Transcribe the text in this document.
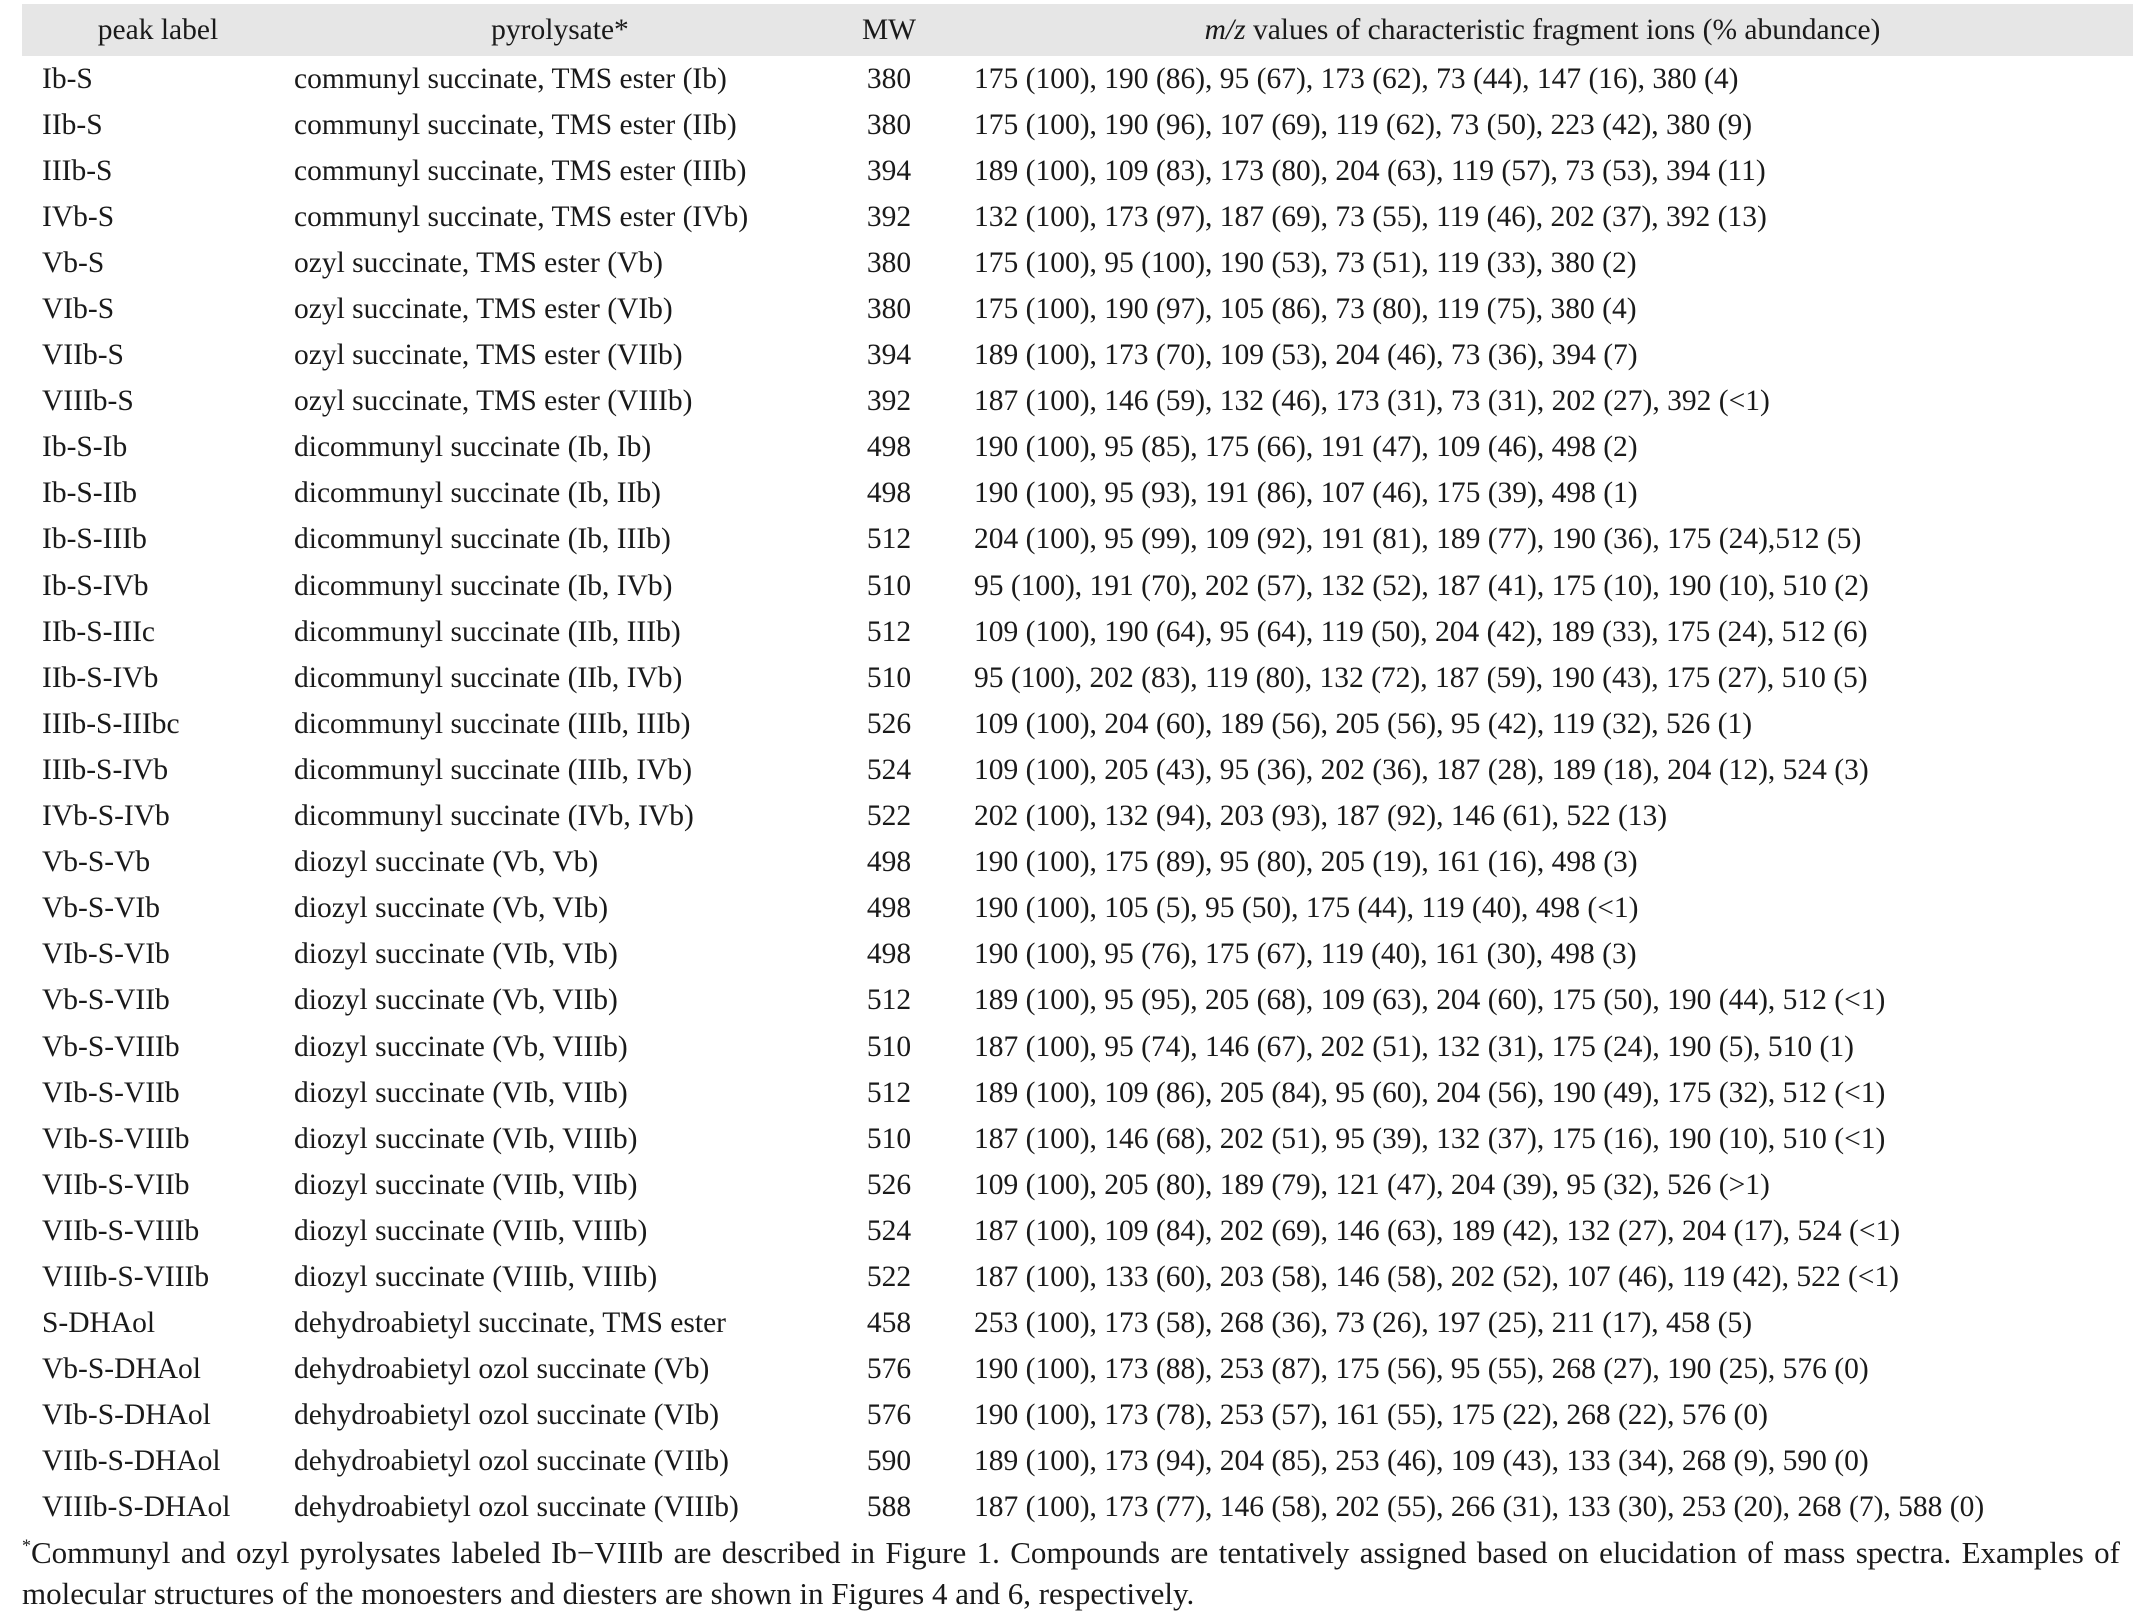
peak label	pyrolysate*	MW	m/z values of characteristic fragment ions (% abundance)
Ib-S	communyl succinate, TMS ester (Ib)	380	175 (100), 190 (86), 95 (67), 173 (62), 73 (44), 147 (16), 380 (4)
IIb-S	communyl succinate, TMS ester (IIb)	380	175 (100), 190 (96), 107 (69), 119 (62), 73 (50), 223 (42), 380 (9)
IIIb-S	communyl succinate, TMS ester (IIIb)	394	189 (100), 109 (83), 173 (80), 204 (63), 119 (57), 73 (53), 394 (11)
IVb-S	communyl succinate, TMS ester (IVb)	392	132 (100), 173 (97), 187 (69), 73 (55), 119 (46), 202 (37), 392 (13)
Vb-S	ozyl succinate, TMS ester (Vb)	380	175 (100), 95 (100), 190 (53), 73 (51), 119 (33), 380 (2)
VIb-S	ozyl succinate, TMS ester (VIb)	380	175 (100), 190 (97), 105 (86), 73 (80), 119 (75), 380 (4)
VIIb-S	ozyl succinate, TMS ester (VIIb)	394	189 (100), 173 (70), 109 (53), 204 (46), 73 (36), 394 (7)
VIIIb-S	ozyl succinate, TMS ester (VIIIb)	392	187 (100), 146 (59), 132 (46), 173 (31), 73 (31), 202 (27), 392 (<1)
Ib-S-Ib	dicommunyl succinate (Ib, Ib)	498	190 (100), 95 (85), 175 (66), 191 (47), 109 (46), 498 (2)
Ib-S-IIb	dicommunyl succinate (Ib, IIb)	498	190 (100), 95 (93), 191 (86), 107 (46), 175 (39), 498 (1)
Ib-S-IIIb	dicommunyl succinate (Ib, IIIb)	512	204 (100), 95 (99), 109 (92), 191 (81), 189 (77), 190 (36), 175 (24),512 (5)
Ib-S-IVb	dicommunyl succinate (Ib, IVb)	510	95 (100), 191 (70), 202 (57), 132 (52), 187 (41), 175 (10), 190 (10), 510 (2)
IIb-S-IIIc	dicommunyl succinate (IIb, IIIb)	512	109 (100), 190 (64), 95 (64), 119 (50), 204 (42), 189 (33), 175 (24), 512 (6)
IIb-S-IVb	dicommunyl succinate (IIb, IVb)	510	95 (100), 202 (83), 119 (80), 132 (72), 187 (59), 190 (43), 175 (27), 510 (5)
IIIb-S-IIIbc	dicommunyl succinate (IIIb, IIIb)	526	109 (100), 204 (60), 189 (56), 205 (56), 95 (42), 119 (32), 526 (1)
IIIb-S-IVb	dicommunyl succinate (IIIb, IVb)	524	109 (100), 205 (43), 95 (36), 202 (36), 187 (28), 189 (18), 204 (12), 524 (3)
IVb-S-IVb	dicommunyl succinate (IVb, IVb)	522	202 (100), 132 (94), 203 (93), 187 (92), 146 (61), 522 (13)
Vb-S-Vb	diozyl succinate (Vb, Vb)	498	190 (100), 175 (89), 95 (80), 205 (19), 161 (16), 498 (3)
Vb-S-VIb	diozyl succinate (Vb, VIb)	498	190 (100), 105 (5), 95 (50), 175 (44), 119 (40), 498 (<1)
VIb-S-VIb	diozyl succinate (VIb, VIb)	498	190 (100), 95 (76), 175 (67), 119 (40), 161 (30), 498 (3)
Vb-S-VIIb	diozyl succinate (Vb, VIIb)	512	189 (100), 95 (95), 205 (68), 109 (63), 204 (60), 175 (50), 190 (44), 512 (<1)
Vb-S-VIIIb	diozyl succinate (Vb, VIIIb)	510	187 (100), 95 (74), 146 (67), 202 (51), 132 (31), 175 (24), 190 (5), 510 (1)
VIb-S-VIIb	diozyl succinate (VIb, VIIb)	512	189 (100), 109 (86), 205 (84), 95 (60), 204 (56), 190 (49), 175 (32), 512 (<1)
VIb-S-VIIIb	diozyl succinate (VIb, VIIIb)	510	187 (100), 146 (68), 202 (51), 95 (39), 132 (37), 175 (16), 190 (10), 510 (<1)
VIIb-S-VIIb	diozyl succinate (VIIb, VIIb)	526	109 (100), 205 (80), 189 (79), 121 (47), 204 (39), 95 (32), 526 (>1)
VIIb-S-VIIIb	diozyl succinate (VIIb, VIIIb)	524	187 (100), 109 (84), 202 (69), 146 (63), 189 (42), 132 (27), 204 (17), 524 (<1)
VIIIb-S-VIIIb	diozyl succinate (VIIIb, VIIIb)	522	187 (100), 133 (60), 203 (58), 146 (58), 202 (52), 107 (46), 119 (42), 522 (<1)
S-DHAol	dehydroabietyl succinate, TMS ester	458	253 (100), 173 (58), 268 (36), 73 (26), 197 (25), 211 (17), 458 (5)
Vb-S-DHAol	dehydroabietyl ozol succinate (Vb)	576	190 (100), 173 (88), 253 (87), 175 (56), 95 (55), 268 (27), 190 (25), 576 (0)
VIb-S-DHAol	dehydroabietyl ozol succinate (VIb)	576	190 (100), 173 (78), 253 (57), 161 (55), 175 (22), 268 (22), 576 (0)
VIIb-S-DHAol	dehydroabietyl ozol succinate (VIIb)	590	189 (100), 173 (94), 204 (85), 253 (46), 109 (43), 133 (34), 268 (9), 590 (0)
VIIIb-S-DHAol	dehydroabietyl ozol succinate (VIIIb)	588	187 (100), 173 (77), 146 (58), 202 (55), 266 (31), 133 (30), 253 (20), 268 (7), 588 (0)
*Communyl and ozyl pyrolysates labeled Ib−VIIIb are described in Figure 1. Compounds are tentatively assigned based on elucidation of mass spectra. Examples of molecular structures of the monoesters and diesters are shown in Figures 4 and 6, respectively.
